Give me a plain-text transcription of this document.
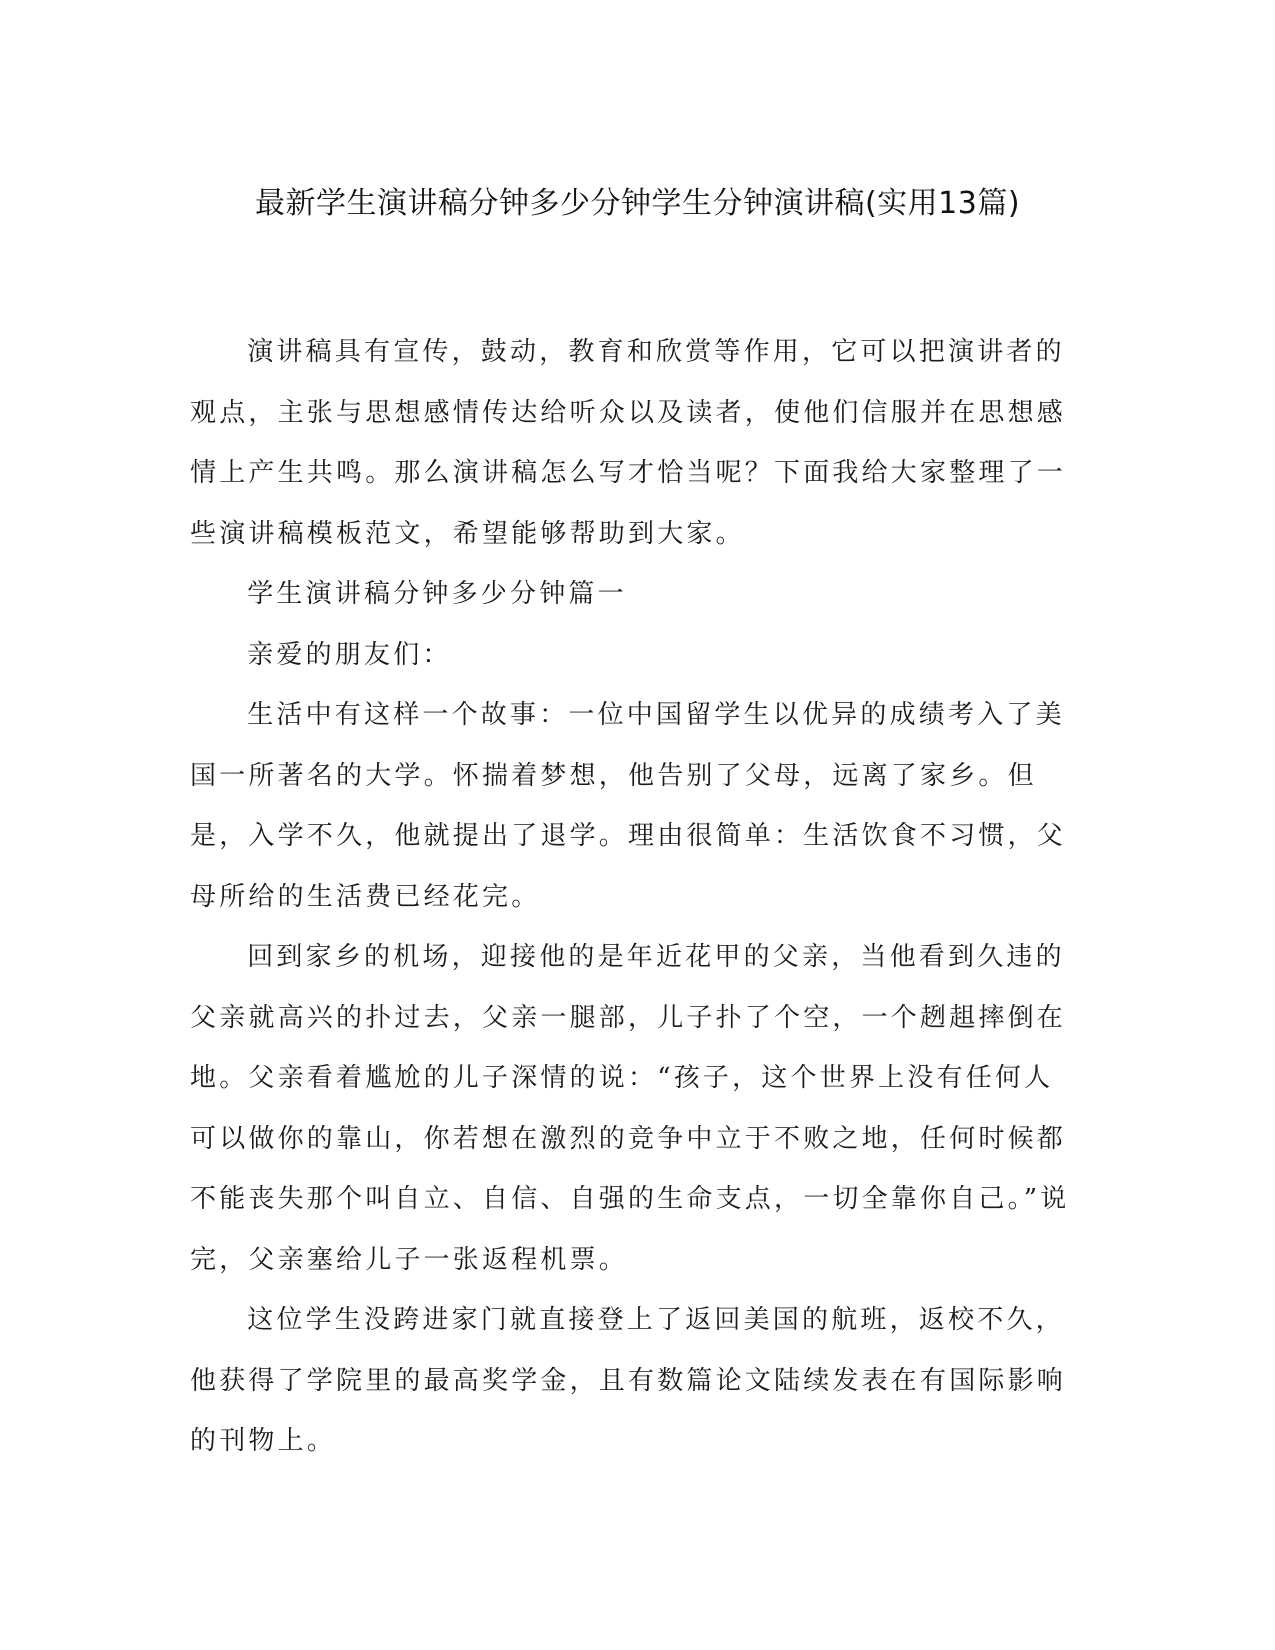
最新学生演讲稿分钟多少分钟学生分钟演讲稿(实用13篇)

演讲稿具有宣传，鼓动，教育和欣赏等作用，它可以把演讲者的观点，主张与思想感情传达给听众以及读者，使他们信服并在思想感情上产生共鸣。那么演讲稿怎么写才恰当呢？下面我给大家整理了一些演讲稿模板范文，希望能够帮助到大家。

学生演讲稿分钟多少分钟篇一

亲爱的朋友们：

生活中有这样一个故事：一位中国留学生以优异的成绩考入了美国一所著名的大学。怀揣着梦想，他告别了父母，远离了家乡。但是，入学不久，他就提出了退学。理由很简单：生活饮食不习惯，父母所给的生活费已经花完。

回到家乡的机场，迎接他的是年近花甲的父亲，当他看到久违的父亲就高兴的扑过去，父亲一腿部，儿子扑了个空，一个趔趄摔倒在地。父亲看着尴尬的儿子深情的说：“孩子，这个世界上没有任何人可以做你的靠山，你若想在激烈的竞争中立于不败之地，任何时候都不能丧失那个叫自立、自信、自强的生命支点，一切全靠你自己。”说完，父亲塞给儿子一张返程机票。

这位学生没跨进家门就直接登上了返回美国的航班，返校不久，他获得了学院里的最高奖学金，且有数篇论文陆续发表在有国际影响的刊物上。
